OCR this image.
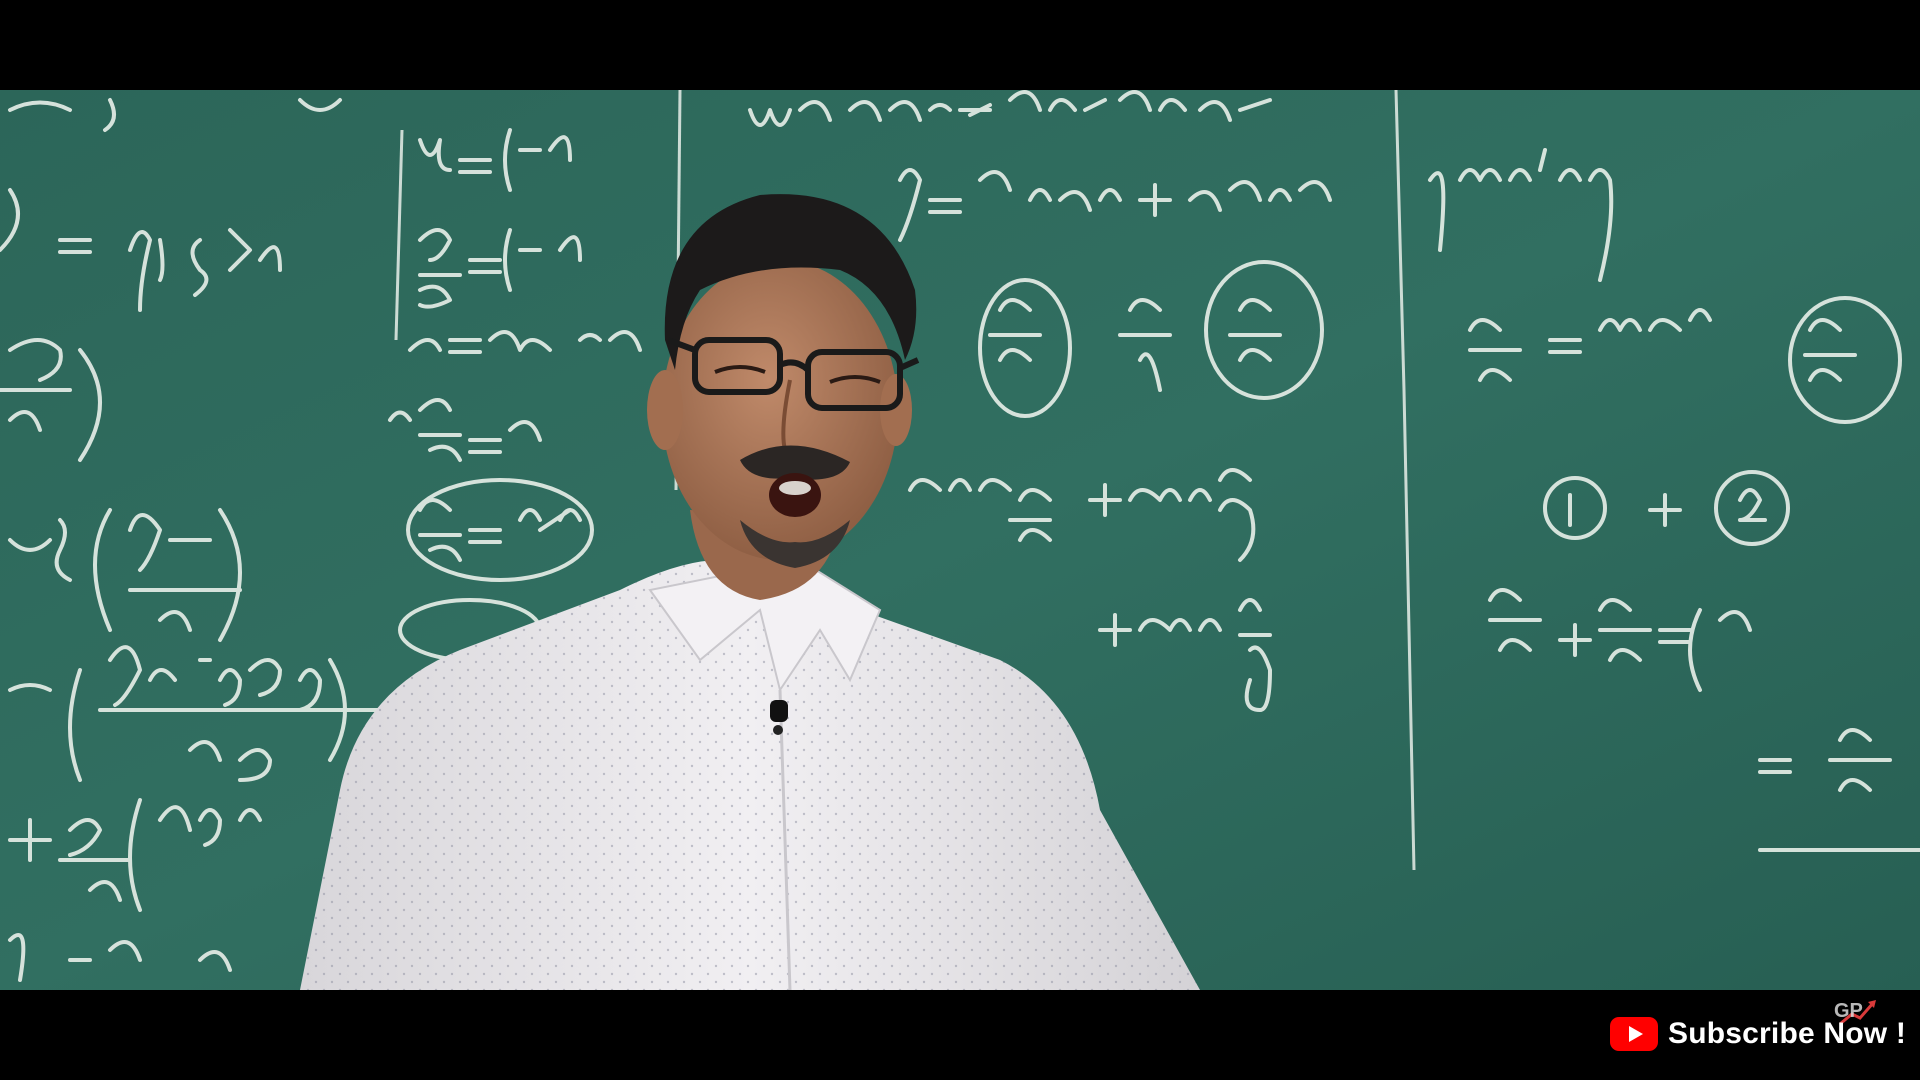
GP
Subscribe Now !
